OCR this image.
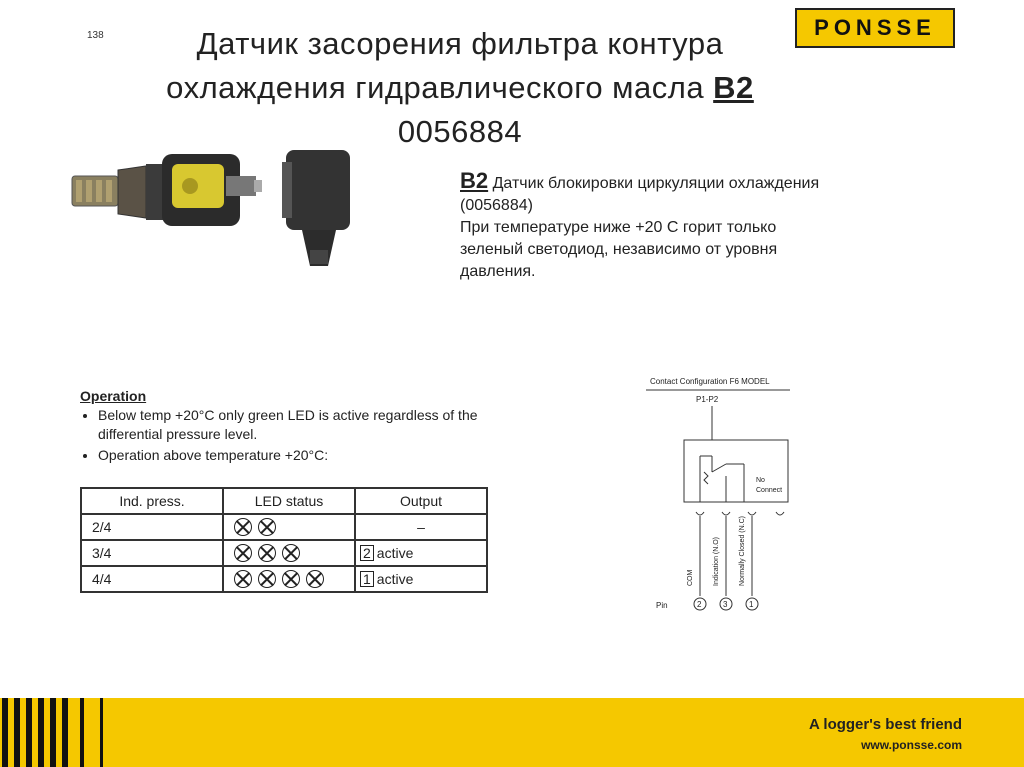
138	PONSSE
Датчик засорения фильтра контура
охлаждения гидравлического масла B2
0056884
B2 Датчик блокировки циркуляции охлаждения
(0056884)
При температуре ниже +20 С горит только
зеленый светодиод, независимо от уровня
давления.
Operation
• Below temp +20°C only green LED is active regardless of the differential pressure level.
• Operation above temperature +20°C:
Ind. press.	LED status	Output
2/4		–
3/4		2 active
4/4		1 active
Contact Configuration F6 MODEL
P1-P2
No
Connect
COM	Indication (N.O)	Normally Closed (N.C)
Pin	2	3	1
A logger's best friend
www.ponsse.com
